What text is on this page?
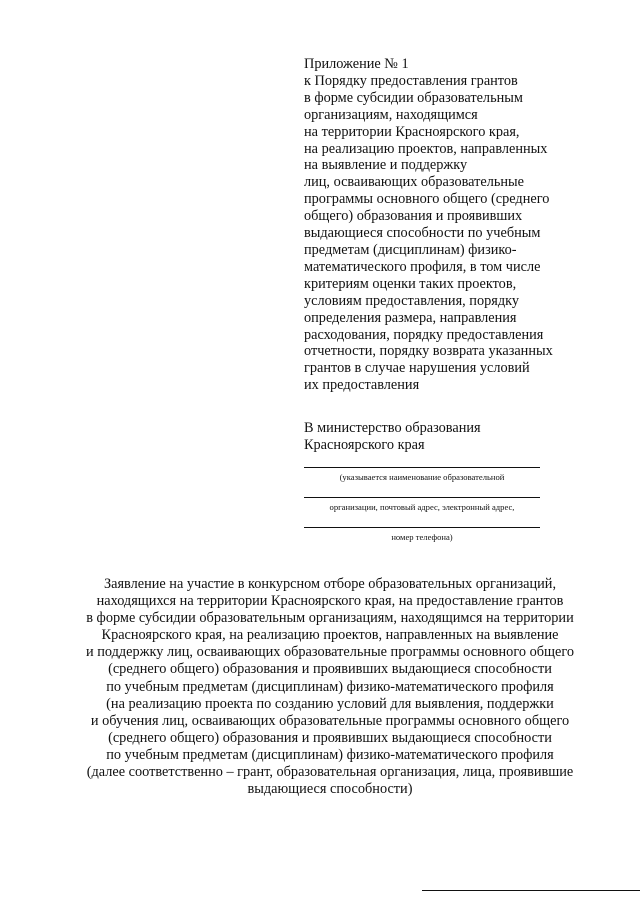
Приложение № 1
к Порядку предоставления грантов
в форме субсидии образовательным
организациям, находящимся
на территории Красноярского края,
на реализацию проектов, направленных
на выявление и поддержку
лиц, осваивающих образовательные
программы основного общего (среднего
общего) образования и проявивших
выдающиеся способности по учебным
предметам (дисциплинам) физико-
математического профиля, в том числе
критериям оценки таких проектов,
условиям предоставления, порядку
определения размера, направления
расходования, порядку предоставления
отчетности, порядку возврата указанных
грантов в случае нарушения условий
их предоставления
В министерство образования
Красноярского края
(указывается наименование образовательной
организации, почтовый адрес, электронный адрес,
номер телефона)
Заявление на участие в конкурсном отборе образовательных организаций,
находящихся на территории Красноярского края, на предоставление грантов
в форме субсидии образовательным организациям, находящимся на территории
Красноярского края, на реализацию проектов, направленных на выявление
и поддержку лиц, осваивающих образовательные программы основного общего
(среднего общего) образования и проявивших выдающиеся способности
по учебным предметам (дисциплинам) физико-математического профиля
(на реализацию проекта по созданию условий для выявления, поддержки
и обучения лиц, осваивающих образовательные программы основного общего
(среднего общего) образования и проявивших выдающиеся способности
по учебным предметам (дисциплинам) физико-математического профиля
(далее соответственно – грант, образовательная организация, лица, проявившие
выдающиеся способности)
